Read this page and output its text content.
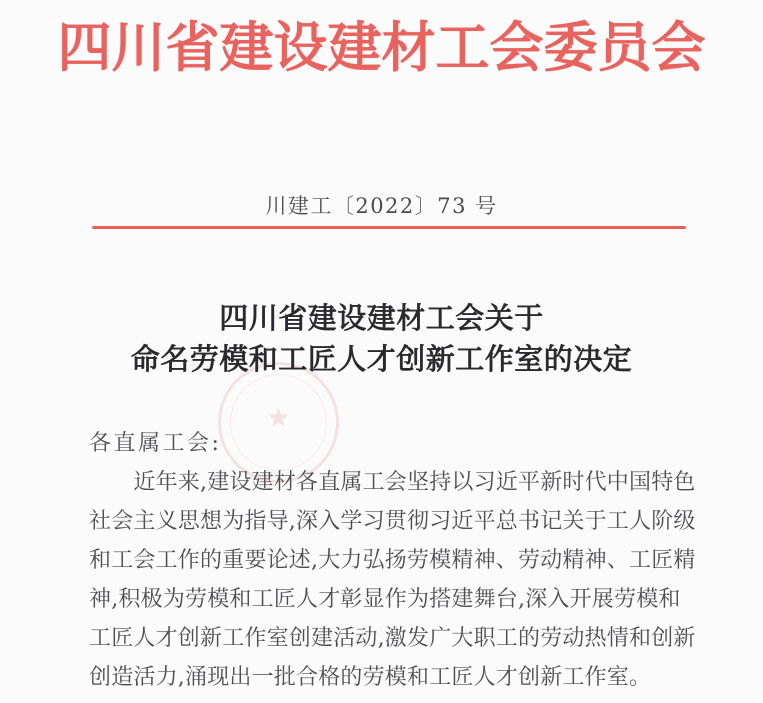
四川省建设建材工会委员会
川建工〔2022〕73 号
四川省建设建材工会关于
命名劳模和工匠人才创新工作室的决定
各直属工会:
　　近年来,建设建材各直属工会坚持以习近平新时代中国特色
社会主义思想为指导,深入学习贯彻习近平总书记关于工人阶级
和工会工作的重要论述,大力弘扬劳模精神、劳动精神、工匠精
神,积极为劳模和工匠人才彰显作为搭建舞台,深入开展劳模和
工匠人才创新工作室创建活动,激发广大职工的劳动热情和创新
创造活力,涌现出一批合格的劳模和工匠人才创新工作室。
